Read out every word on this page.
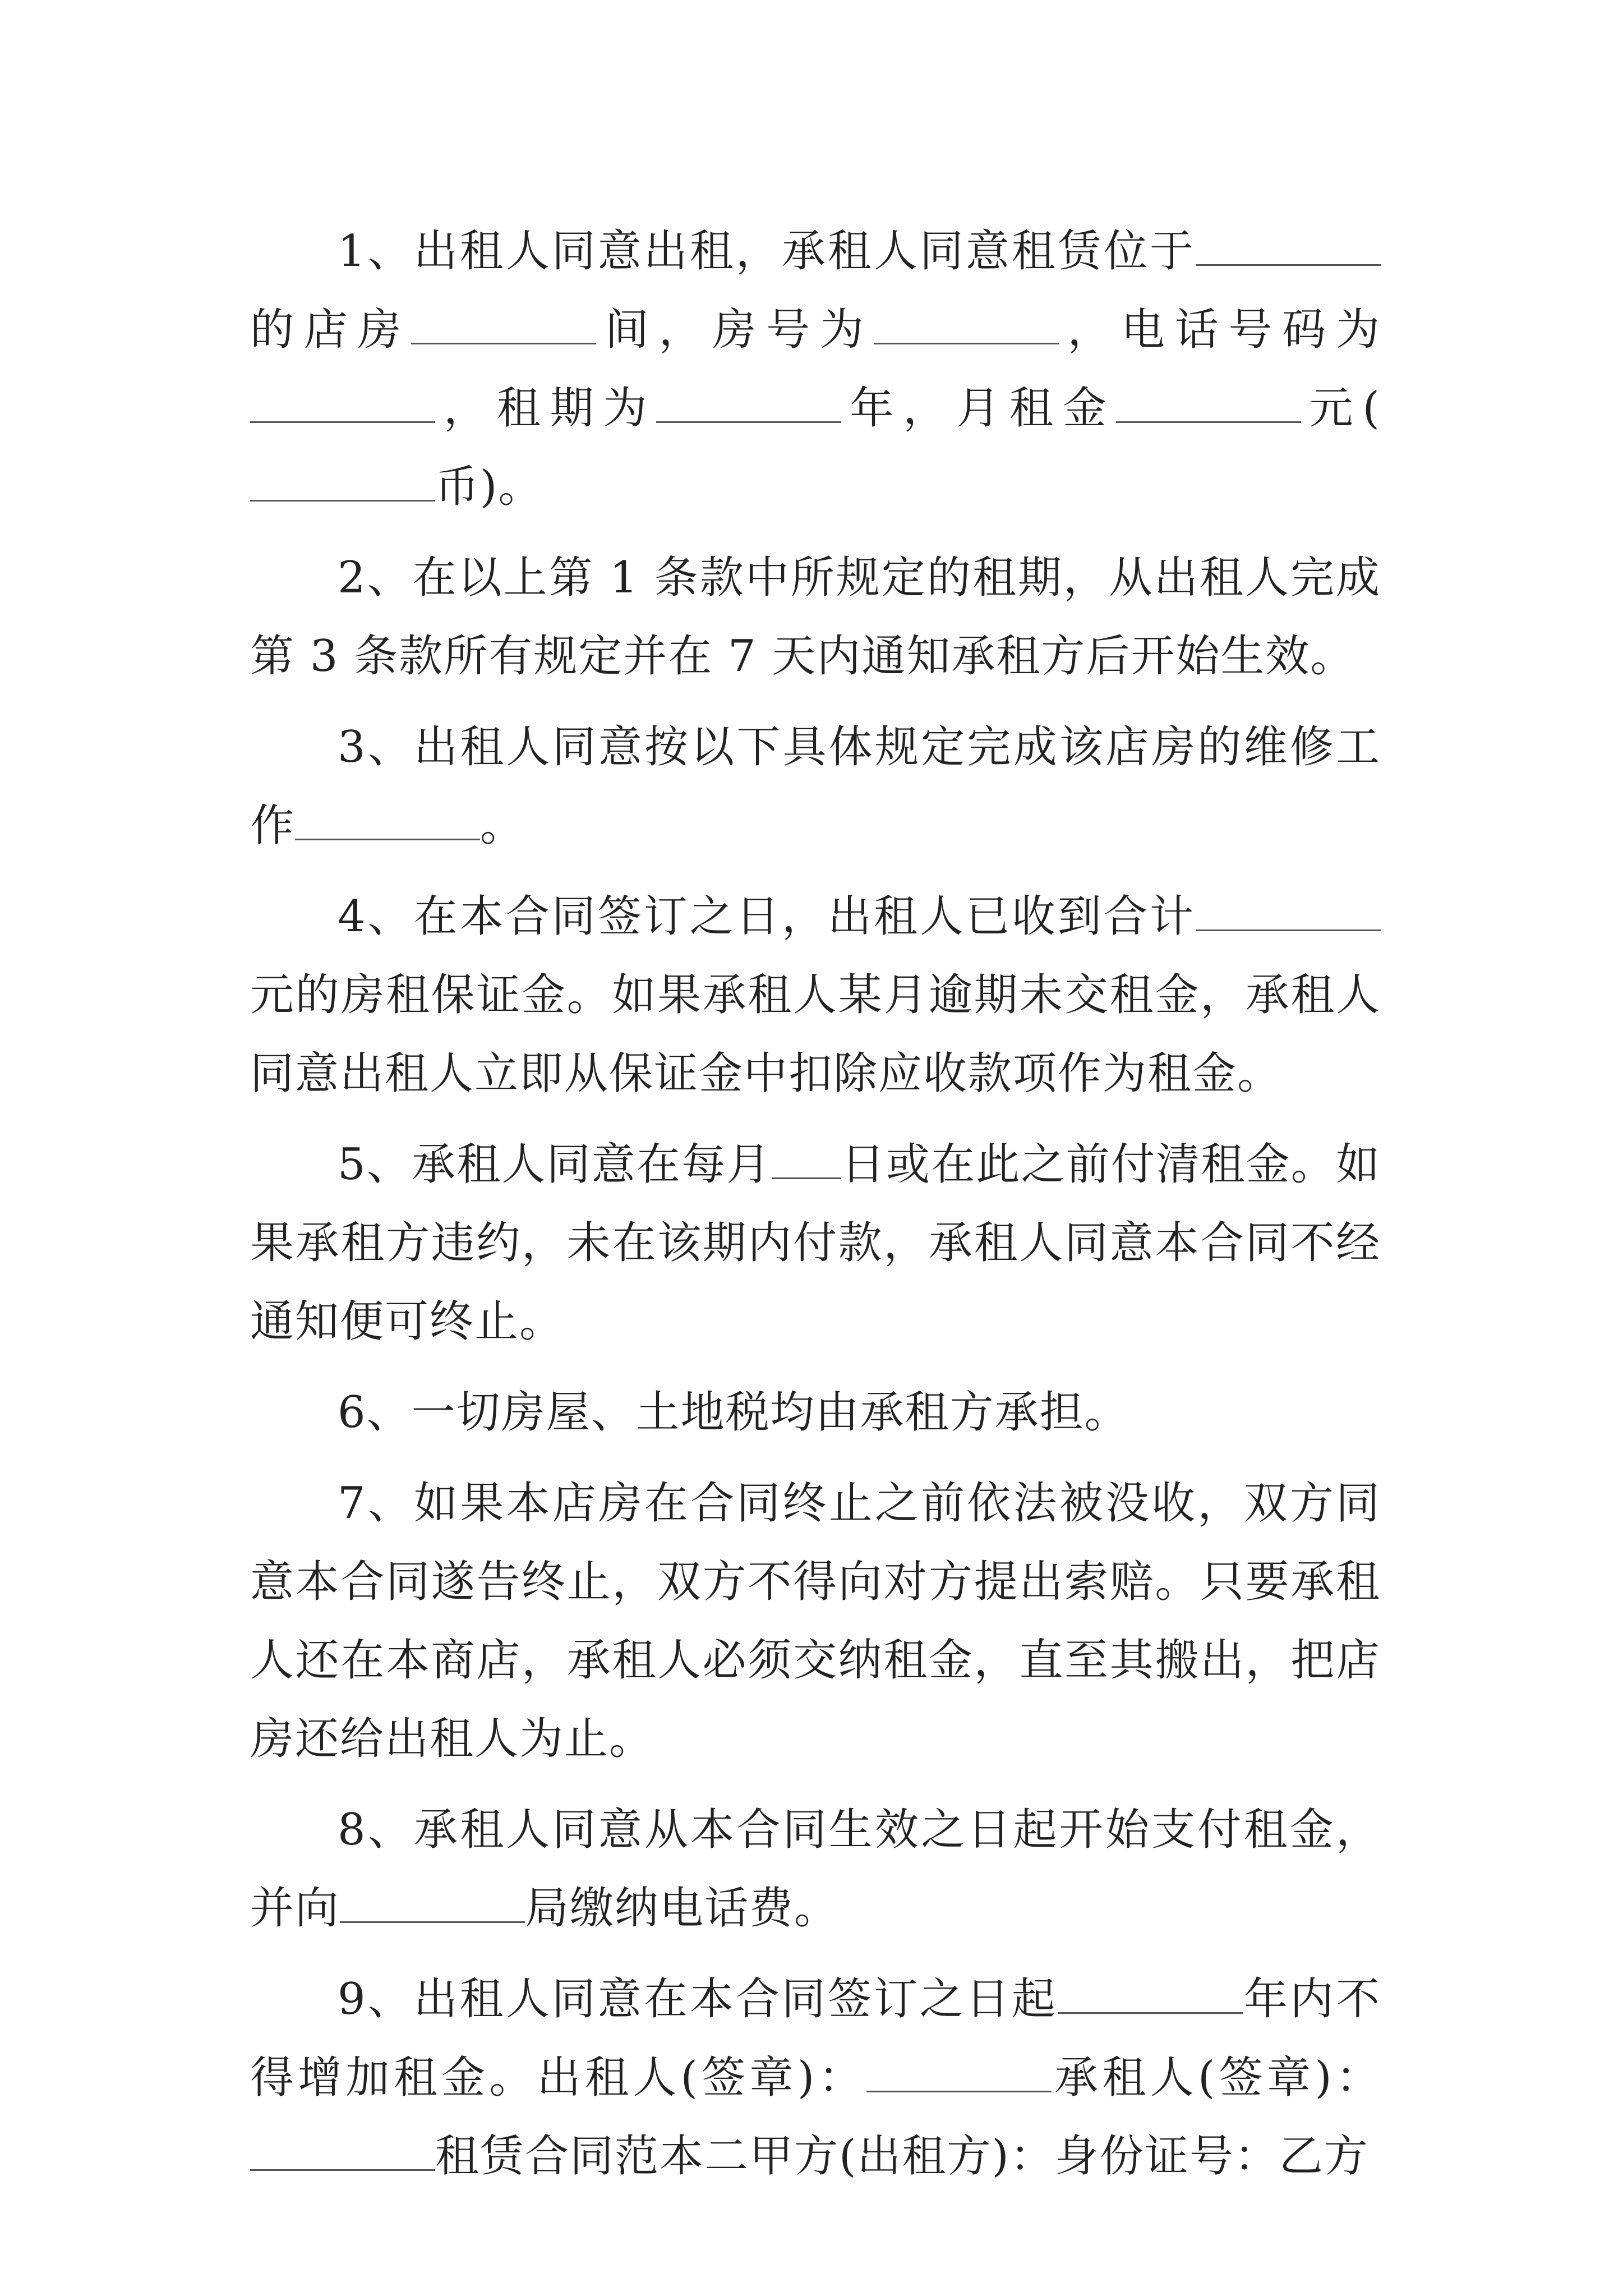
1、出租人同意出租，承租人同意租赁位于的店房	间，房号为	，电话号码为，租期为	年，月租金	元(币)。

2、在以上第 1 条款中所规定的租期，从出租人完成第 3 条款所有规定并在 7 天内通知承租方后开始生效。

3、出租人同意按以下具体规定完成该店房的维修工作	。

4、在本合同签订之日，出租人已收到合计元的房租保证金。如果承租人某月逾期未交租金，承租人同意出租人立即从保证金中扣除应收款项作为租金。

5、承租人同意在每月 日或在此之前付清租金。如果承租方违约，未在该期内付款，承租人同意本合同不经通知便可终止。

6、一切房屋、土地税均由承租方承担。

7、如果本店房在合同终止之前依法被没收，双方同意本合同遂告终止，双方不得向对方提出索赔。只要承租人还在本商店，承租人必须交纳租金，直至其搬出，把店房还给出租人为止。

8、承租人同意从本合同生效之日起开始支付租金，并向	局缴纳电话费。

9、出租人同意在本合同签订之日起	年内不得增加租金。出租人(签章)：	承租人(签章)：租赁合同范本二甲方(出租方)：身份证号：乙方
